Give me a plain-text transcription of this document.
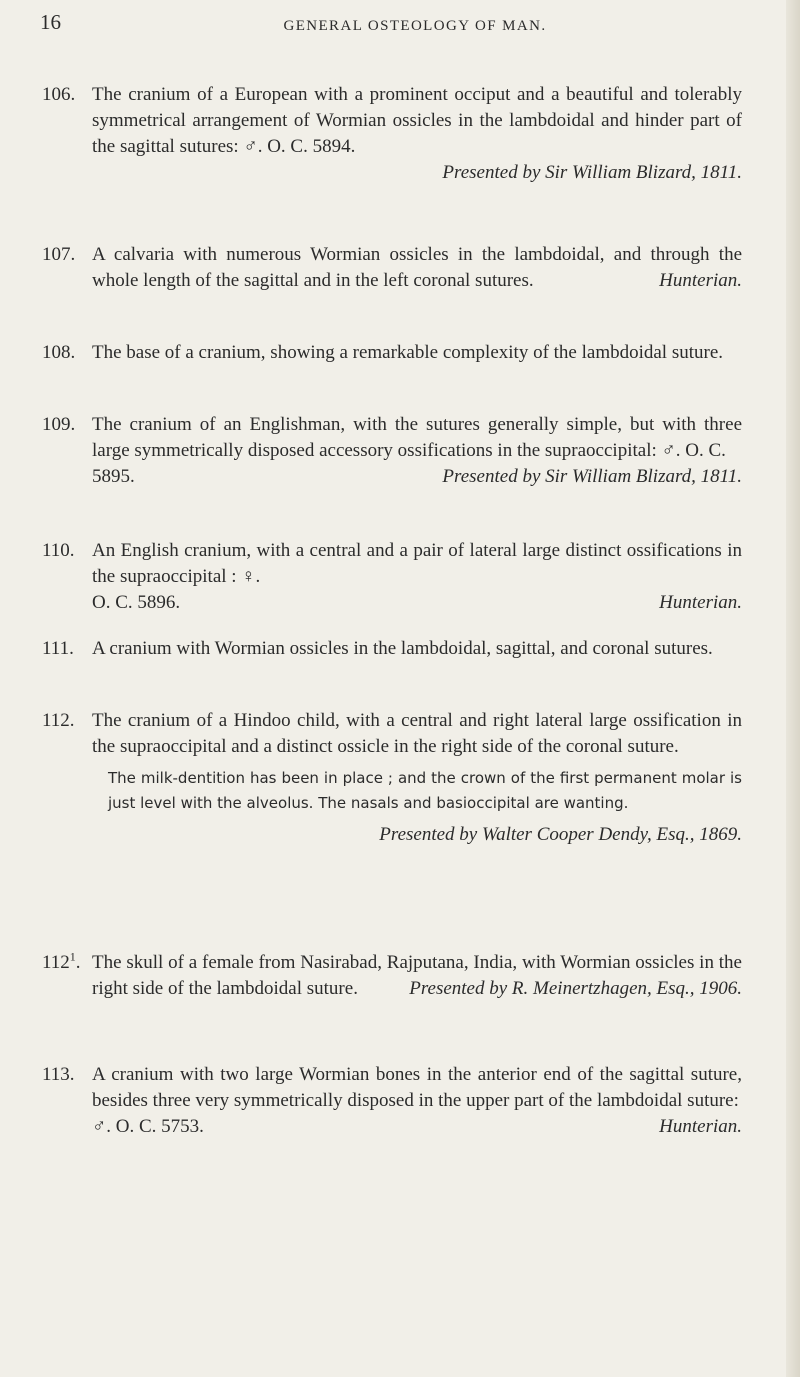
16	GENERAL OSTEOLOGY OF MAN.
106. The cranium of a European with a prominent occiput and a beautiful and tolerably symmetrical arrangement of Wormian ossicles in the lambdoidal and hinder part of the sagittal sutures: ♂. O. C. 5894.
Presented by Sir William Blizard, 1811.
107. A calvaria with numerous Wormian ossicles in the lambdoidal, and through the whole length of the sagittal and in the left coronal sutures.	Hunterian.
108. The base of a cranium, showing a remarkable complexity of the lambdoidal suture.
109. The cranium of an Englishman, with the sutures generally simple, but with three large symmetrically disposed accessory ossifications in the supraoccipital: ♂. O. C.
5895.	Presented by Sir William Blizard, 1811.
110. An English cranium, with a central and a pair of lateral large distinct ossifications in the supraoccipital : ♀.
O. C. 5896.	Hunterian.
111. A cranium with Wormian ossicles in the lambdoidal, sagittal, and coronal sutures.
112. The cranium of a Hindoo child, with a central and right lateral large ossification in the supraoccipital and a distinct ossicle in the right side of the coronal suture.
The milk-dentition has been in place ; and the crown of the first permanent molar is just level with the alveolus. The nasals and basioccipital are wanting.
Presented by Walter Cooper Dendy, Esq., 1869.
$112^1$. The skull of a female from Nasirabad, Rajputana, India, with Wormian ossicles in the right side of the lambdoidal suture.	Presented by R. Meinertzhagen, Esq., 1906.
113. A cranium with two large Wormian bones in the anterior end of the sagittal suture, besides three very symmetrically disposed in the upper part of the lambdoidal suture:
♂. O. C. 5753.	Hunterian.
